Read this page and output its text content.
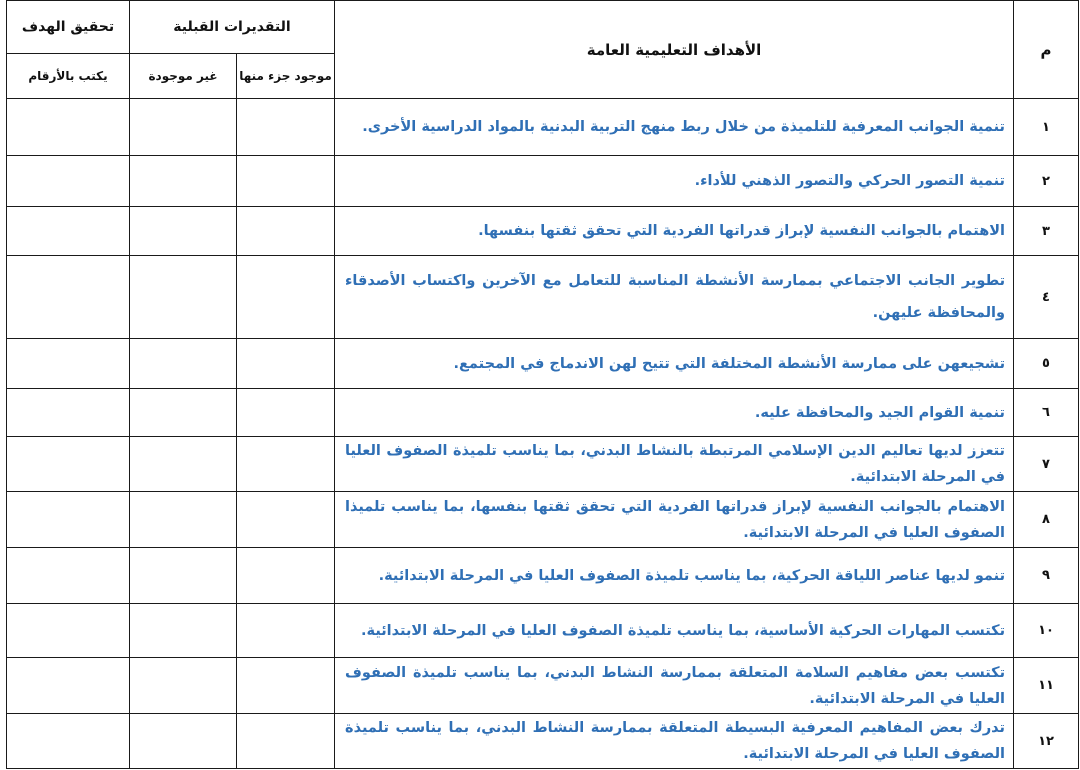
م	الأهداف التعليمية العامة	التقديرات القبلية		تحقيق الهدف
		موجود جزء منها	غير موجودة	يكتب بالأرقام
١	تنمية الجوانب المعرفية للتلميذة من خلال ربط منهج التربية البدنية بالمواد الدراسية الأخرى.			
٢	تنمية التصور الحركي والتصور الذهني للأداء.			
٣	الاهتمام بالجوانب النفسية لإبراز قدراتها الفردية التي تحقق ثقتها بنفسها.			
٤	تطوير الجانب الاجتماعي بممارسة الأنشطة المناسبة للتعامل مع الآخرين واكتساب الأصدقاء والمحافظة عليهن.			
٥	تشجيعهن على ممارسة الأنشطة المختلفة التي تتيح لهن الاندماج في المجتمع.			
٦	تنمية القوام الجيد والمحافظة عليه.			
٧	تتعزز لديها تعاليم الدين الإسلامي المرتبطة بالنشاط البدني، بما يناسب تلميذة الصفوف العليا في المرحلة الابتدائية.			
٨	الاهتمام بالجوانب النفسية لإبراز قدراتها الفردية التي تحقق ثقتها بنفسها، بما يناسب تلميذا الصفوف العليا في المرحلة الابتدائية.			
٩	تنمو لديها عناصر اللياقة الحركية، بما يناسب تلميذة الصفوف العليا في المرحلة الابتدائية.			
١٠	تكتسب المهارات الحركية الأساسية، بما يناسب تلميذة الصفوف العليا في المرحلة الابتدائية.			
١١	تكتسب بعض مفاهيم السلامة المتعلقة بممارسة النشاط البدني، بما يناسب تلميذة الصفوف العليا في المرحلة الابتدائية.			
١٢	تدرك بعض المفاهيم المعرفية البسيطة المتعلقة بممارسة النشاط البدني، بما يناسب تلميذة الصفوف العليا في المرحلة الابتدائية.			
